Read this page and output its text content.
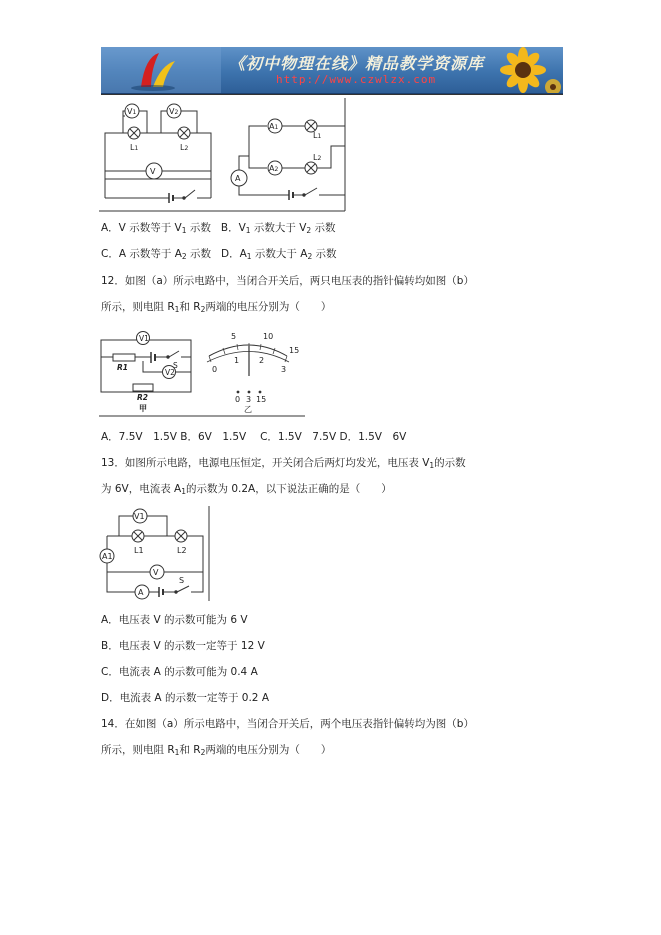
《初中物理在线》精品教学资源库
http://www.czwlzx.com
V1	V2
L1	L2
V
A1
L1
A2
L2
A
A．V 示数等于 $V_1$ 示数 B．$V_1$ 示数大于 $V_2$ 示数
C．A 示数等于 $A_2$ 示数 D．$A_1$ 示数大于 $A_2$ 示数
12．如图（a）所示电路中，当闭合开关后，两只电压表的指针偏转均如图（b）
所示，则电阻 $R_1$和 $R_2$两端的电压分别为（　　）
V1
R1	S
V2
R2
甲
5	10
15
0
1 2
3
0 3 15
乙
A．7.5V　1.5V B．6V　1.5V　 C．1.5V　7.5V D．1.5V　6V
13．如图所示电路，电源电压恒定，开关闭合后两灯均发光，电压表 $V_1$的示数
为 6V，电流表 $A_1$的示数为 0.2A，以下说法正确的是（　　）
V1
A1
L1	L2
V
A
S
A．电压表 V 的示数可能为 6 V
B．电压表 V 的示数一定等于 12 V
C．电流表 A 的示数可能为 0.4 A
D．电流表 A 的示数一定等于 0.2 A
14．在如图（a）所示电路中，当闭合开关后，两个电压表指针偏转均为图（b）
所示，则电阻 $R_1$和 $R_2$两端的电压分别为（　　）
